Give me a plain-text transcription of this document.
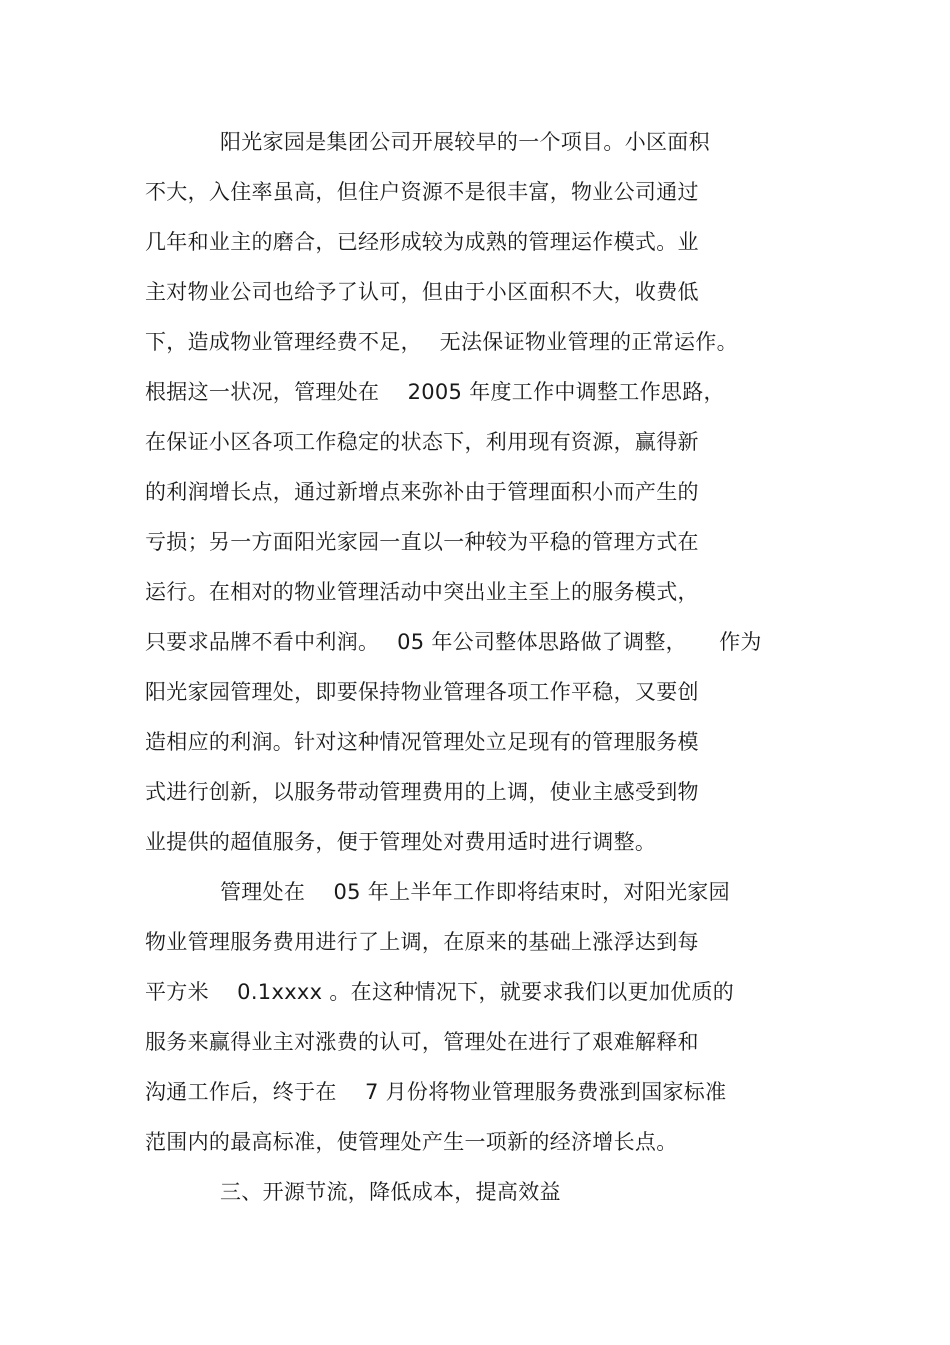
阳光家园是集团公司开展较早的一个项目。小区面积
不大，入住率虽高，但住户资源不是很丰富，物业公司通过
几年和业主的磨合，已经形成较为成熟的管理运作模式。业
主对物业公司也给予了认可，但由于小区面积不大，收费低
下，造成物业管理经费不足，　 无法保证物业管理的正常运作。
根据这一状况，管理处在　 2005 年度工作中调整工作思路，
在保证小区各项工作稳定的状态下，利用现有资源，赢得新
的利润增长点，通过新增点来弥补由于管理面积小而产生的
亏损；另一方面阳光家园一直以一种较为平稳的管理方式在
运行。在相对的物业管理活动中突出业主至上的服务模式，
只要求品牌不看中利润。　 05 年公司整体思路做了调整，　　作为
阳光家园管理处，即要保持物业管理各项工作平稳，又要创
造相应的利润。针对这种情况管理处立足现有的管理服务模
式进行创新，以服务带动管理费用的上调，使业主感受到物
业提供的超值服务，便于管理处对费用适时进行调整。
管理处在　 05 年上半年工作即将结束时，对阳光家园
物业管理服务费用进行了上调，在原来的基础上涨浮达到每
平方米　 0.1xxxx 。在这种情况下，就要求我们以更加优质的
服务来赢得业主对涨费的认可，管理处在进行了艰难解释和
沟通工作后，终于在　 7 月份将物业管理服务费涨到国家标准
范围内的最高标准，使管理处产生一项新的经济增长点。
三、开源节流，降低成本，提高效益
